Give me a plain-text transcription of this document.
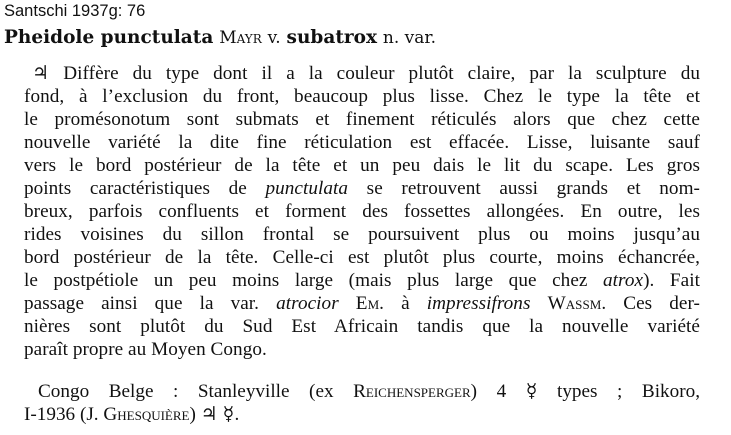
Santschi 1937g: 76
Pheidole punctulata Mayr v. subatrox n. var.
♃ Diffère du type dont il a la couleur plutôt claire, par la sculpture du
fond, à l’exclusion du front, beaucoup plus lisse. Chez le type la tête et
le promésonotum sont submats et finement réticulés alors que chez cette
nouvelle variété la dite fine réticulation est effacée. Lisse, luisante sauf
vers le bord postérieur de la tête et un peu dais le lit du scape. Les gros
points caractéristiques de punctulata se retrouvent aussi grands et nom-
breux, parfois confluents et forment des fossettes allongées. En outre, les
rides voisines du sillon frontal se poursuivent plus ou moins jusqu’au
bord postérieur de la tête. Celle-ci est plutôt plus courte, moins échancrée,
le postpétiole un peu moins large (mais plus large que chez atrox). Fait
passage ainsi que la var. atrocior Em. à impressifrons Wassm. Ces der-
nières sont plutôt du Sud Est Africain tandis que la nouvelle variété
paraît propre au Moyen Congo.
Congo Belge : Stanleyville (ex Reichensperger) 4 ☿ types ; Bikoro,
I-1936 (J. Ghesquière) ♃ ☿.
